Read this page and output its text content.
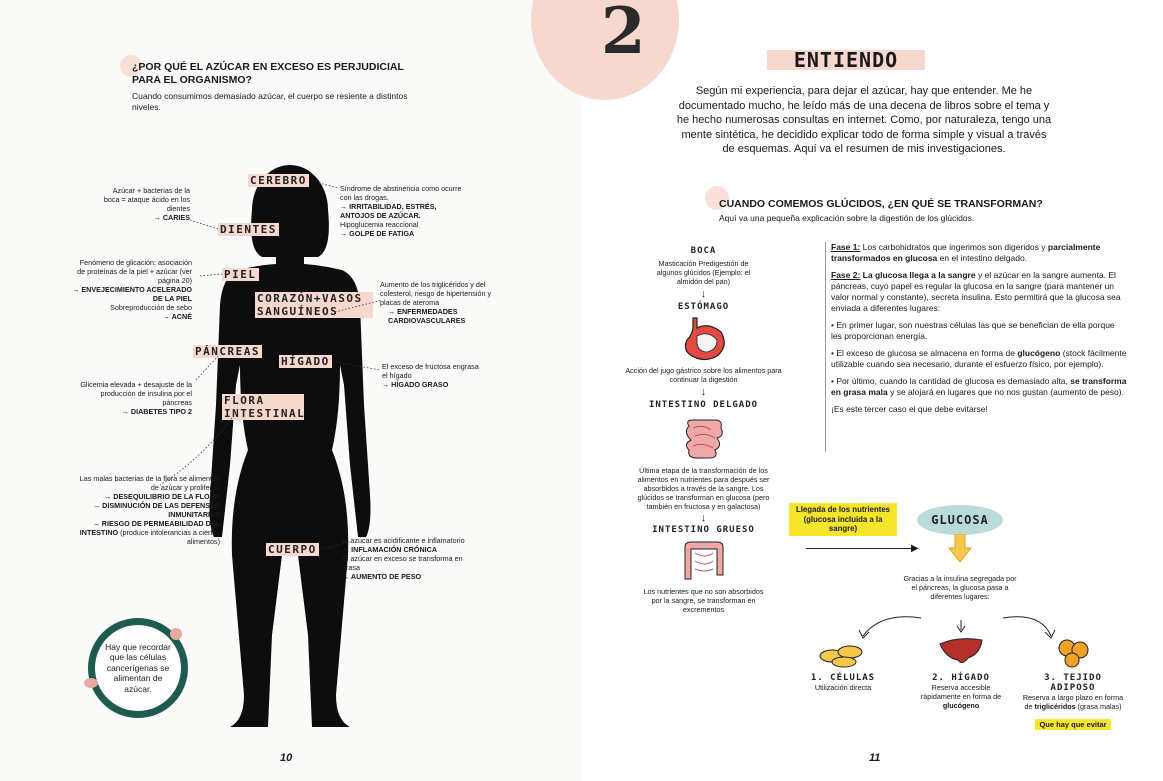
¿POR QUÉ EL AZÚCAR EN EXCESO ES PERJUDICIAL PARA EL ORGANISMO?
Cuando consumimos demasiado azúcar, el cuerpo se resiente a distintos niveles.
CEREBRO
DIENTES
PIEL
CORAZÓN+VASOS SANGUÍNEOS
PÁNCREAS
HÍGADO
FLORA INTESTINAL
CUERPO
Síndrome de abstinencia como ocurre con las drogas.
→ IRRITABILIDAD, ESTRÉS, ANTOJOS DE AZÚCAR.
Hipoglucemia reaccional
→ GOLPE DE FATIGA
Aumento de los triglicéridos y del colesterol, riesgo de hipertensión y placas de ateroma
→ ENFERMEDADES CARDIOVASCULARES
El exceso de fructosa engrasa el hígado
→ HÍGADO GRASO
El azúcar es acidificante e inflamatorio
→ INFLAMACIÓN CRÓNICA
El azúcar en exceso se transforma en grasa
→ AUMENTO DE PESO
Azúcar + bacterias de la boca = ataque ácido en los dientes
→ CARIES
Fenómeno de glicación: asociación de proteínas de la piel + azúcar (ver página 20)
→ ENVEJECIMIENTO ACELERADO DE LA PIEL
Sobreproducción de sebo
→ ACNÉ
Glicemia elevada + desajuste de la producción de insulina por el páncreas
→ DIABETES TIPO 2
Las malas bacterias de la flora se alimentan de azúcar y proliferan
→ DESEQUILIBRIO DE LA FLORA
→ DISMINUCIÓN DE LAS DEFENSAS INMUNITARIAS
→ RIESGO DE PERMEABILIDAD DEL INTESTINO (produce intolerancias a ciertos alimentos)
Hay que recordar que las células cancerígenas se alimentan de azúcar.
10
2	ENTIENDO
Según mi experiencia, para dejar el azúcar, hay que entender. Me he documentado mucho, he leído más de una decena de libros sobre el tema y he hecho numerosas consultas en internet. Como, por naturaleza, tengo una mente sintética, he decidido explicar todo de forma simple y visual a través de esquemas. Aquí va el resumen de mis investigaciones.
CUANDO COMEMOS GLÚCIDOS, ¿EN QUÉ SE TRANSFORMAN?
Aquí va una pequeña explicación sobre la digestión de los glúcidos.
BOCA
Masticación Predigestión de algunos glúcidos (Ejemplo: el almidón del pan)
↓
ESTÓMAGO
Acción del jugo gástrico sobre los alimentos para continuar la digestión
↓
INTESTINO DELGADO
Última etapa de la transformación de los alimentos en nutrientes para después ser absorbidos a través de la sangre. Los glúcidos se transforman en glucosa (pero también en fructosa y en galactosa)
↓
INTESTINO GRUESO
Los nutrientes que no son absorbidos por la sangre, se transforman en excrementos

Fase 1: Los carbohidratos que ingerimos son digeridos y parcialmente transformados en glucosa en el intestino delgado.

Fase 2: La glucosa llega a la sangre y el azúcar en la sangre aumenta. El páncreas, cuyo papel es regular la glucosa en la sangre (para mantener un valor normal y constante), secreta insulina. Esto permitirá que la glucosa sea enviada a diferentes lugares:

• En primer lugar, son nuestras células las que se benefician de ella porque les proporcionan energía.

• El exceso de glucosa se almacena en forma de glucógeno (stock fácilmente utilizable cuando sea necesario, durante el esfuerzo físico, por ejemplo).

• Por último, cuando la cantidad de glucosa es demasiado alta, se transforma en grasa mala y se alojará en lugares que no nos gustan (aumento de peso).

¡Es este tercer caso el que debe evitarse!

Llegada de los nutrientes (glucosa incluida a la sangre)
▶
GLUCOSA
Gracias a la insulina segregada por el páncreas, la glucosa pasa a diferentes lugares:
1. CÉLULAS
Utilización directa
2. HÍGADO
Reserva accesible rápidamente en forma de glucógeno
3. TEJIDO ADIPOSO
Reserva a largo plazo en forma de triglicéridos (grasa malas)
Que hay que evitar
11
